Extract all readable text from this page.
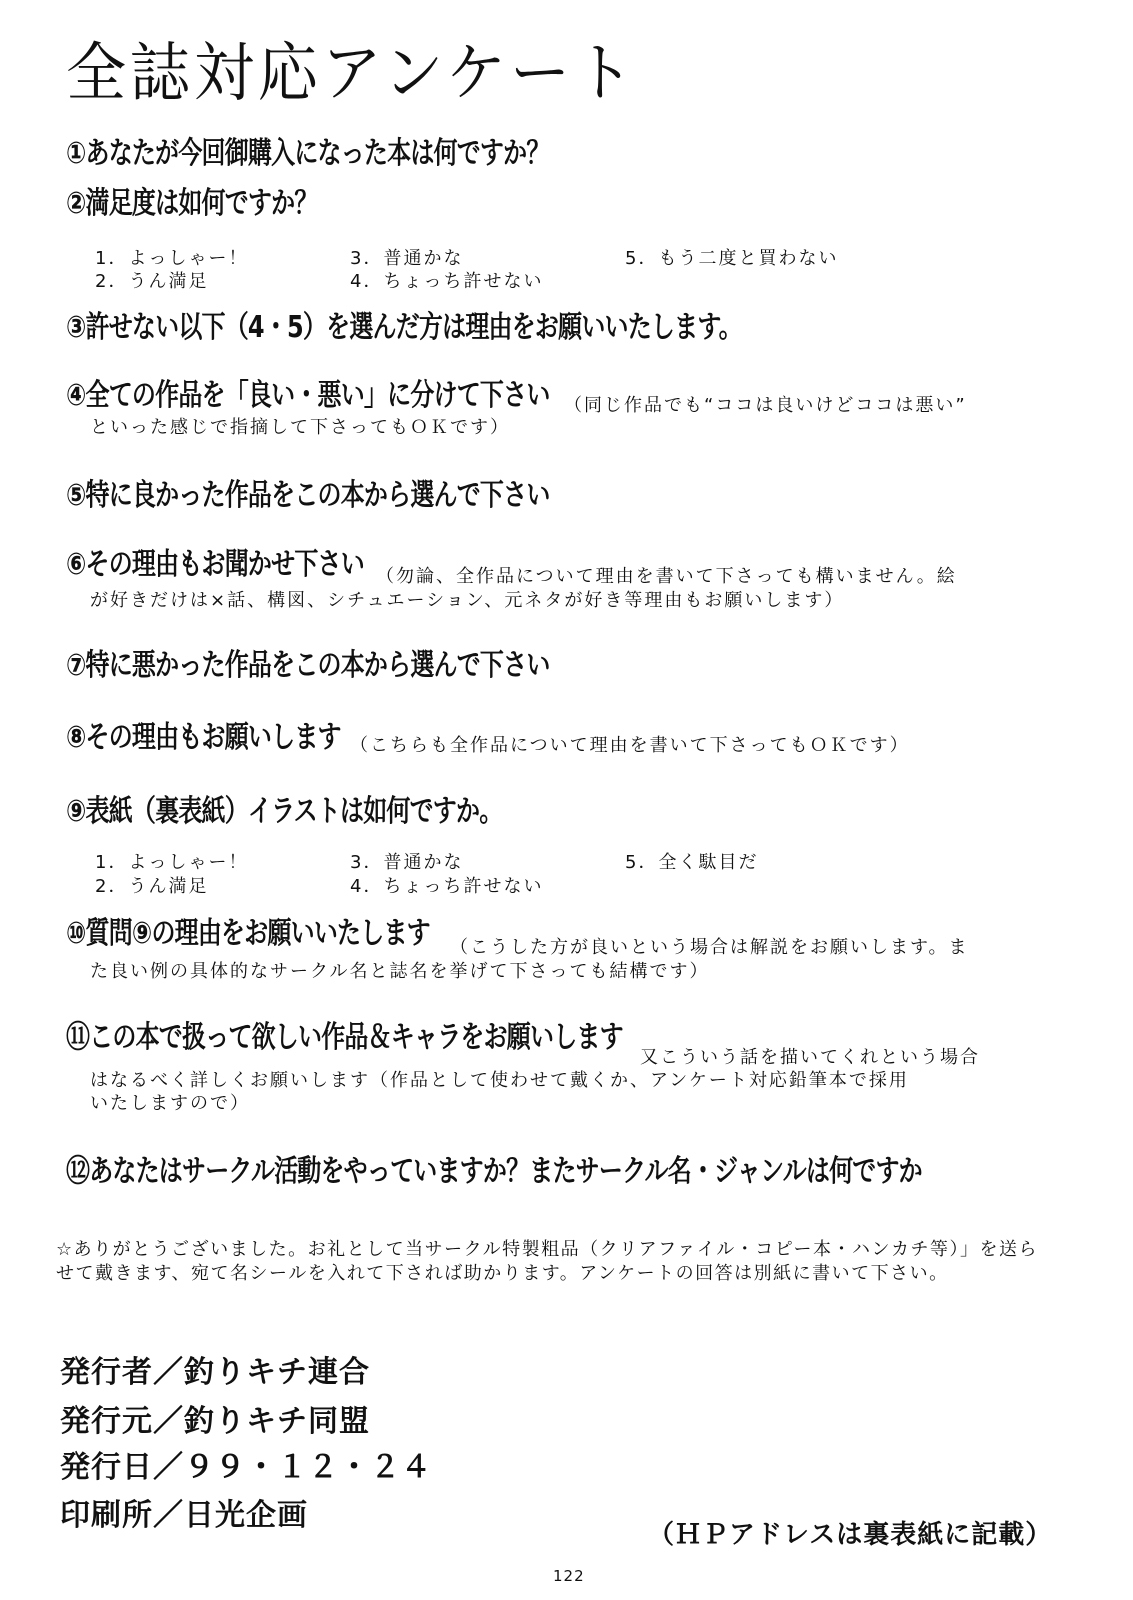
全誌対応アンケート
①あなたが今回御購入になった本は何ですか？
②満足度は如何ですか？
1．よっしゃー！
2．うん満足
3．普通かな
4．ちょっち許せない
5．もう二度と買わない
③許せない以下（4・5）を選んだ方は理由をお願いいたします。
④全ての作品を「良い・悪い」に分けて下さい （同じ作品でも“ココは良いけどココは悪い”
といった感じで指摘して下さってもＯＫです）
⑤特に良かった作品をこの本から選んで下さい
⑥その理由もお聞かせ下さい （勿論、全作品について理由を書いて下さっても構いません。絵
が好きだけは×話、構図、シチュエーション、元ネタが好き等理由もお願いします）
⑦特に悪かった作品をこの本から選んで下さい
⑧その理由もお願いします （こちらも全作品について理由を書いて下さってもＯＫです）
⑨表紙（裏表紙）イラストは如何ですか。
1．よっしゃー！
2．うん満足
3．普通かな
4．ちょっち許せない
5．全く駄目だ
⑩質問⑨の理由をお願いいたします （こうした方が良いという場合は解説をお願いします。ま
た良い例の具体的なサークル名と誌名を挙げて下さっても結構です）
⑪この本で扱って欲しい作品＆キャラをお願いします
又こういう話を描いてくれという場合
はなるべく詳しくお願いします（作品として使わせて戴くか、アンケート対応鉛筆本で採用
いたしますので）
⑫あなたはサークル活動をやっていますか？またサークル名・ジャンルは何ですか
☆ありがとうございました。お礼として当サークル特製粗品（クリアファイル・コピー本・ハンカチ等）」を送らせて戴きます、宛て名シールを入れて下されば助かります。アンケートの回答は別紙に書いて下さい。
発行者／釣りキチ連合
発行元／釣りキチ同盟
発行日／９９・１２・２４
印刷所／日光企画
（ＨＰアドレスは裏表紙に記載）
122
